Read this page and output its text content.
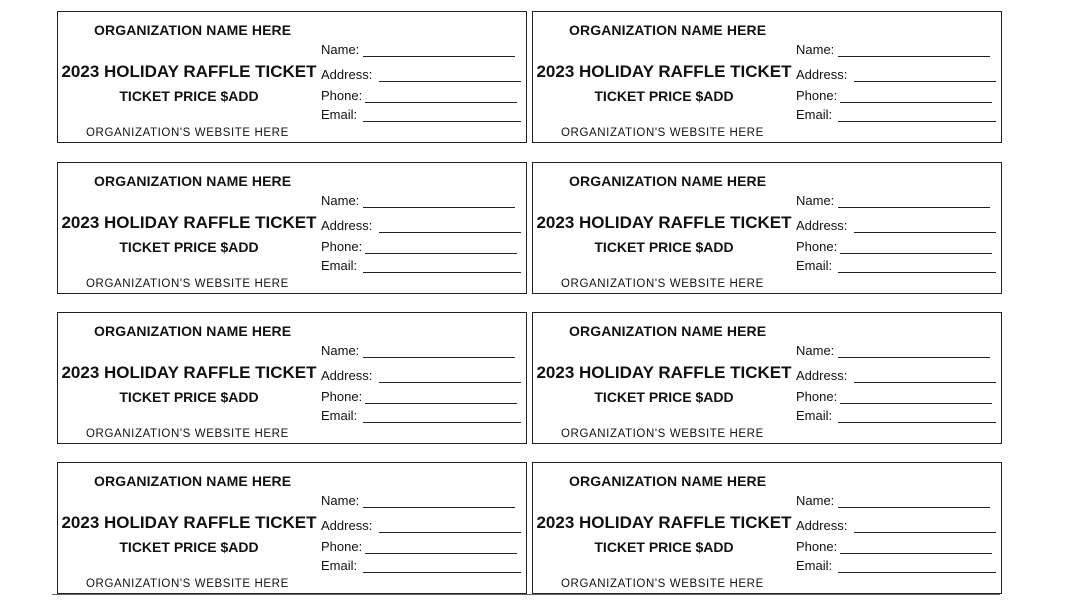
ORGANIZATION NAME HERE
2023 HOLIDAY RAFFLE TICKET
TICKET PRICE $ADD
ORGANIZATION'S WEBSITE HERE
Name:
Address:
Phone:
Email:
ORGANIZATION NAME HERE
2023 HOLIDAY RAFFLE TICKET
TICKET PRICE $ADD
ORGANIZATION'S WEBSITE HERE
Name:
Address:
Phone:
Email:
ORGANIZATION NAME HERE
2023 HOLIDAY RAFFLE TICKET
TICKET PRICE $ADD
ORGANIZATION'S WEBSITE HERE
Name:
Address:
Phone:
Email:
ORGANIZATION NAME HERE
2023 HOLIDAY RAFFLE TICKET
TICKET PRICE $ADD
ORGANIZATION'S WEBSITE HERE
Name:
Address:
Phone:
Email:
ORGANIZATION NAME HERE
2023 HOLIDAY RAFFLE TICKET
TICKET PRICE $ADD
ORGANIZATION'S WEBSITE HERE
Name:
Address:
Phone:
Email:
ORGANIZATION NAME HERE
2023 HOLIDAY RAFFLE TICKET
TICKET PRICE $ADD
ORGANIZATION'S WEBSITE HERE
Name:
Address:
Phone:
Email:
ORGANIZATION NAME HERE
2023 HOLIDAY RAFFLE TICKET
TICKET PRICE $ADD
ORGANIZATION'S WEBSITE HERE
Name:
Address:
Phone:
Email:
ORGANIZATION NAME HERE
2023 HOLIDAY RAFFLE TICKET
TICKET PRICE $ADD
ORGANIZATION'S WEBSITE HERE
Name:
Address:
Phone:
Email:
